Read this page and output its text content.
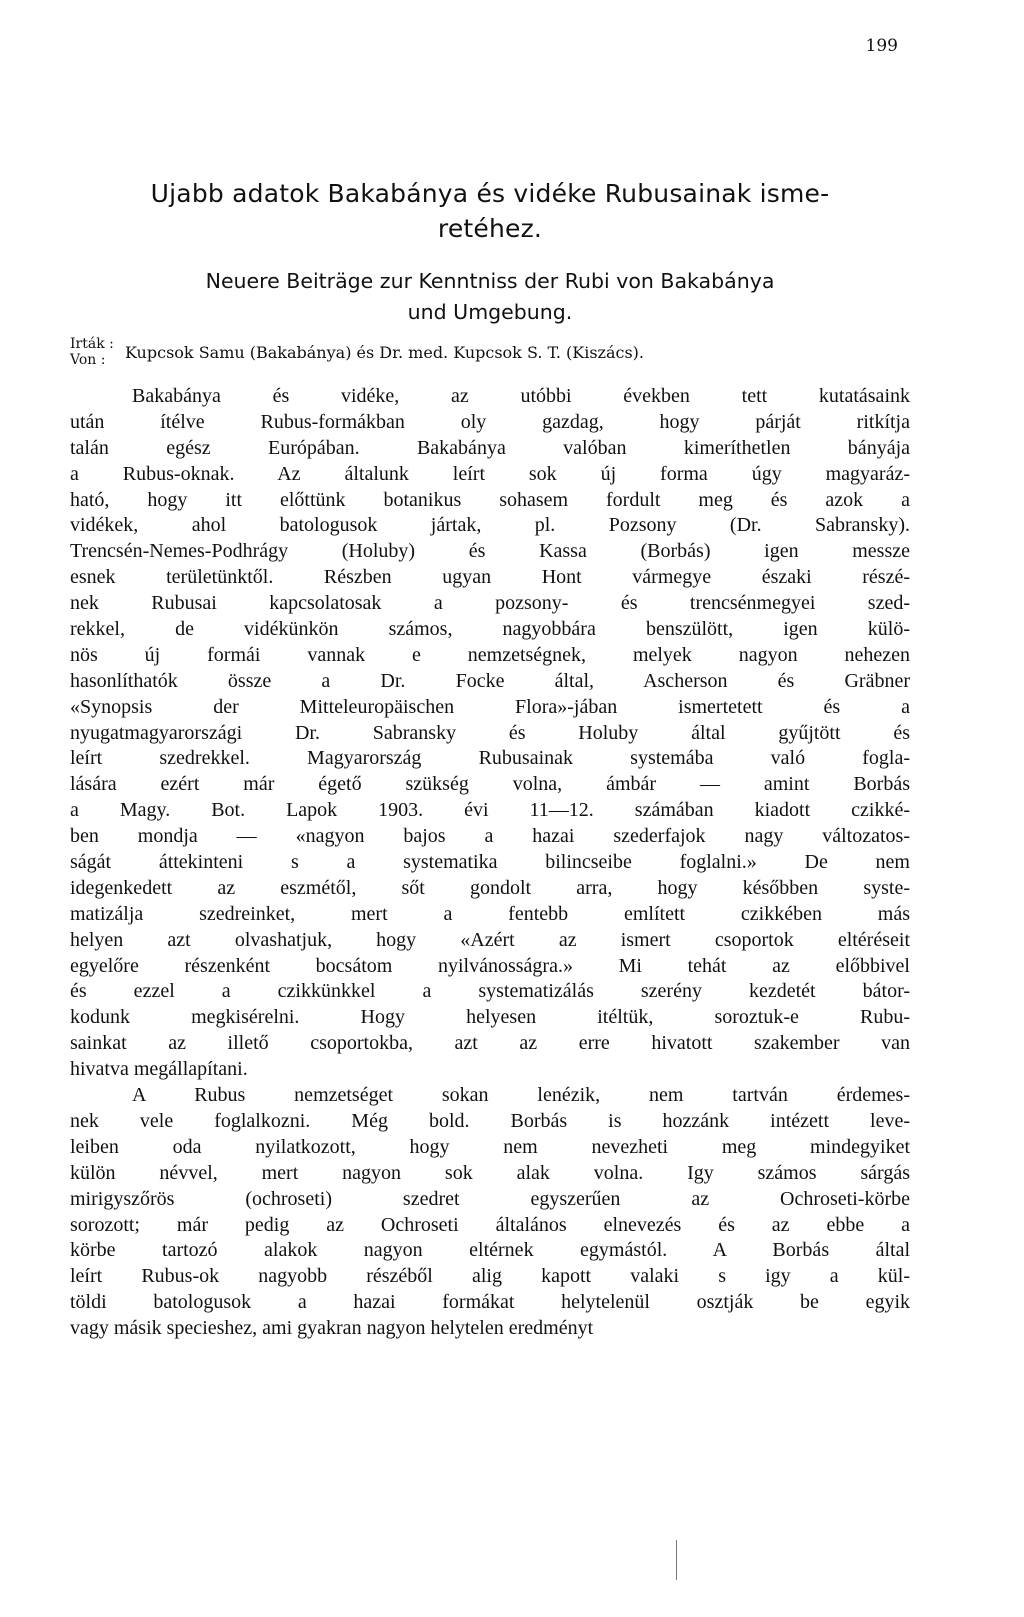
199
Ujabb adatok Bakabánya és vidéke Rubusainak isme-
retéhez.
Neuere Beiträge zur Kenntniss der Rubi von Bakabánya
und Umgebung.
Irták :
Von :	Kupcsok Samu (Bakabánya) és Dr. med. Kupcsok S. T. (Kiszács).
Bakabánya és vidéke, az utóbbi években tett kutatásaink
után ítélve Rubus-formákban oly gazdag, hogy párját ritkítja
talán egész Európában. Bakabánya valóban kimeríthetlen bányája
a Rubus-oknak. Az általunk leírt sok új forma úgy magyaráz-
ható, hogy itt előttünk botanikus sohasem fordult meg és azok a
vidékek, ahol batologusok jártak, pl. Pozsony (Dr. Sabransky).
Trencsén-Nemes-Podhrágy (Holuby) és Kassa (Borbás) igen messze
esnek területünktől. Részben ugyan Hont vármegye északi részé-
nek Rubusai kapcsolatosak a pozsony- és trencsénmegyei szed-
rekkel, de vidékünkön számos, nagyobbára benszülött, igen külö-
nös új formái vannak e nemzetségnek, melyek nagyon nehezen
hasonlíthatók össze a Dr. Focke által, Ascherson és Gräbner
«Synopsis der Mitteleuropäischen Flora»-jában ismertetett és a
nyugatmagyarországi Dr. Sabransky és Holuby által gyűjtött és
leírt szedrekkel. Magyarország Rubusainak systemába való fogla-
lására ezért már égető szükség volna, ámbár — amint Borbás
a Magy. Bot. Lapok 1903. évi 11—12. számában kiadott czikké-
ben mondja — «nagyon bajos a hazai szederfajok nagy változatos-
ságát áttekinteni s a systematika bilincseibe foglalni.» De nem
idegenkedett az eszmétől, sőt gondolt arra, hogy későbben syste-
matizálja szedreinket, mert a fentebb említett czikkében más
helyen azt olvashatjuk, hogy «Azért az ismert csoportok eltéréseit
egyelőre részenként bocsátom nyilvánosságra.» Mi tehát az előbbivel
és ezzel a czikkünkkel a systematizálás szerény kezdetét bátor-
kodunk megkisérelni. Hogy helyesen itéltük, soroztuk-e Rubu-
sainkat az illető csoportokba, azt az erre hivatott szakember van
hivatva megállapítani.
A Rubus nemzetséget sokan lenézik, nem tartván érdemes-
nek vele foglalkozni. Még bold. Borbás is hozzánk intézett leve-
leiben oda nyilatkozott, hogy nem nevezheti meg mindegyiket
külön névvel, mert nagyon sok alak volna. Igy számos sárgás
mirigyszőrös (ochroseti) szedret egyszerűen az Ochroseti-körbe
sorozott; már pedig az Ochroseti általános elnevezés és az ebbe a
körbe tartozó alakok nagyon eltérnek egymástól. A Borbás által
leírt Rubus-ok nagyobb részéből alig kapott valaki s igy a kül-
töldi batologusok a hazai formákat helytelenül osztják be egyik
vagy másik specieshez, ami gyakran nagyon helytelen eredményt
